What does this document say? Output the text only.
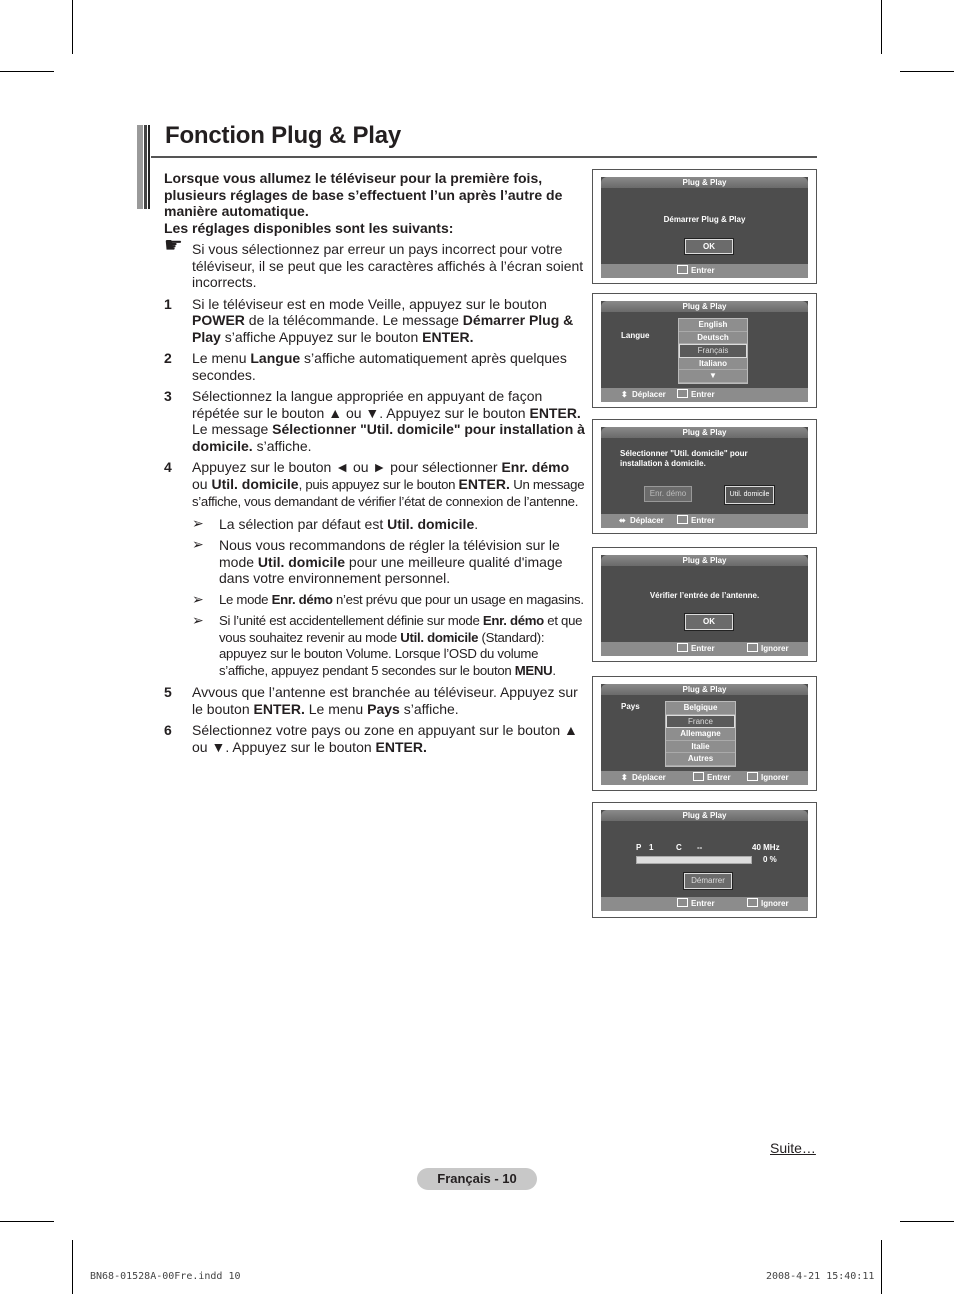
Fonction Plug & Play

Lorsque vous allumez le téléviseur pour la première fois,
plusieurs réglages de base s’effectuent l’un après l’autre de
manière automatique.
Les réglages disponibles sont les suivants:

☛ Si vous sélectionnez par erreur un pays incorrect pour votre téléviseur, il se peut que les caractères affichés à l’écran soient incorrects.

1 Si le téléviseur est en mode Veille, appuyez sur le bouton POWER de la télécommande. Le message Démarrer Plug & Play s’affiche Appuyez sur le bouton ENTER.

2 Le menu Langue s’affiche automatiquement après quelques secondes.

3 Sélectionnez la langue appropriée en appuyant de façon répétée sur le bouton ▲ ou ▼. Appuyez sur le bouton ENTER. Le message Sélectionner "Util. domicile" pour installation à domicile. s’affiche.

4 Appuyez sur le bouton ◄ ou ► pour sélectionner Enr. démo ou Util. domicile, puis appuyez sur le bouton ENTER. Un message s’affiche, vous demandant de vérifier l’état de connexion de l’antenne.

➢ La sélection par défaut est Util. domicile.

➢ Nous vous recommandons de régler la télévision sur le mode Util. domicile pour une meilleure qualité d'image dans votre environnement personnel.

➢ Le mode Enr. démo n’est prévu que pour un usage en magasins.

➢ Si l’unité est accidentellement définie sur mode Enr. démo et que vous souhaitez revenir au mode Util. domicile (Standard): appuyez sur le bouton Volume. Lorsque l’OSD du volume s’affiche, appuyez pendant 5 secondes sur le bouton MENU.

5 Avvous que l’antenne est branchée au téléviseur. Appuyez sur le bouton ENTER. Le menu Pays s’affiche.

6 Sélectionnez votre pays ou zone en appuyant sur le bouton ▲ ou ▼. Appuyez sur le bouton ENTER.

Plug & Play
Démarrer Plug & Play
OK
Entrer
Plug & Play
Langue
English
Deutsch
Français
Italiano
▼
⬍ Déplacer	Entrer
Plug & Play
Sélectionner "Util. domicile" pour installation à domicile.
Enr. démo	Util. domicile
⬌ Déplacer	Entrer
Plug & Play
Vérifier l’entrée de l’antenne.
OK
Entrer	Ignorer
Plug & Play
Pays	Belgique
France
Allemagne
Italie
Autres
⬍ Déplacer	Entrer	Ignorer
Plug & Play
P 1	C --	40 MHz
0 %
Démarrer
Entrer	Ignorer
Suite…
Français - 10
BN68-01528A-00Fre.indd 10	2008-4-21 15:40:11
